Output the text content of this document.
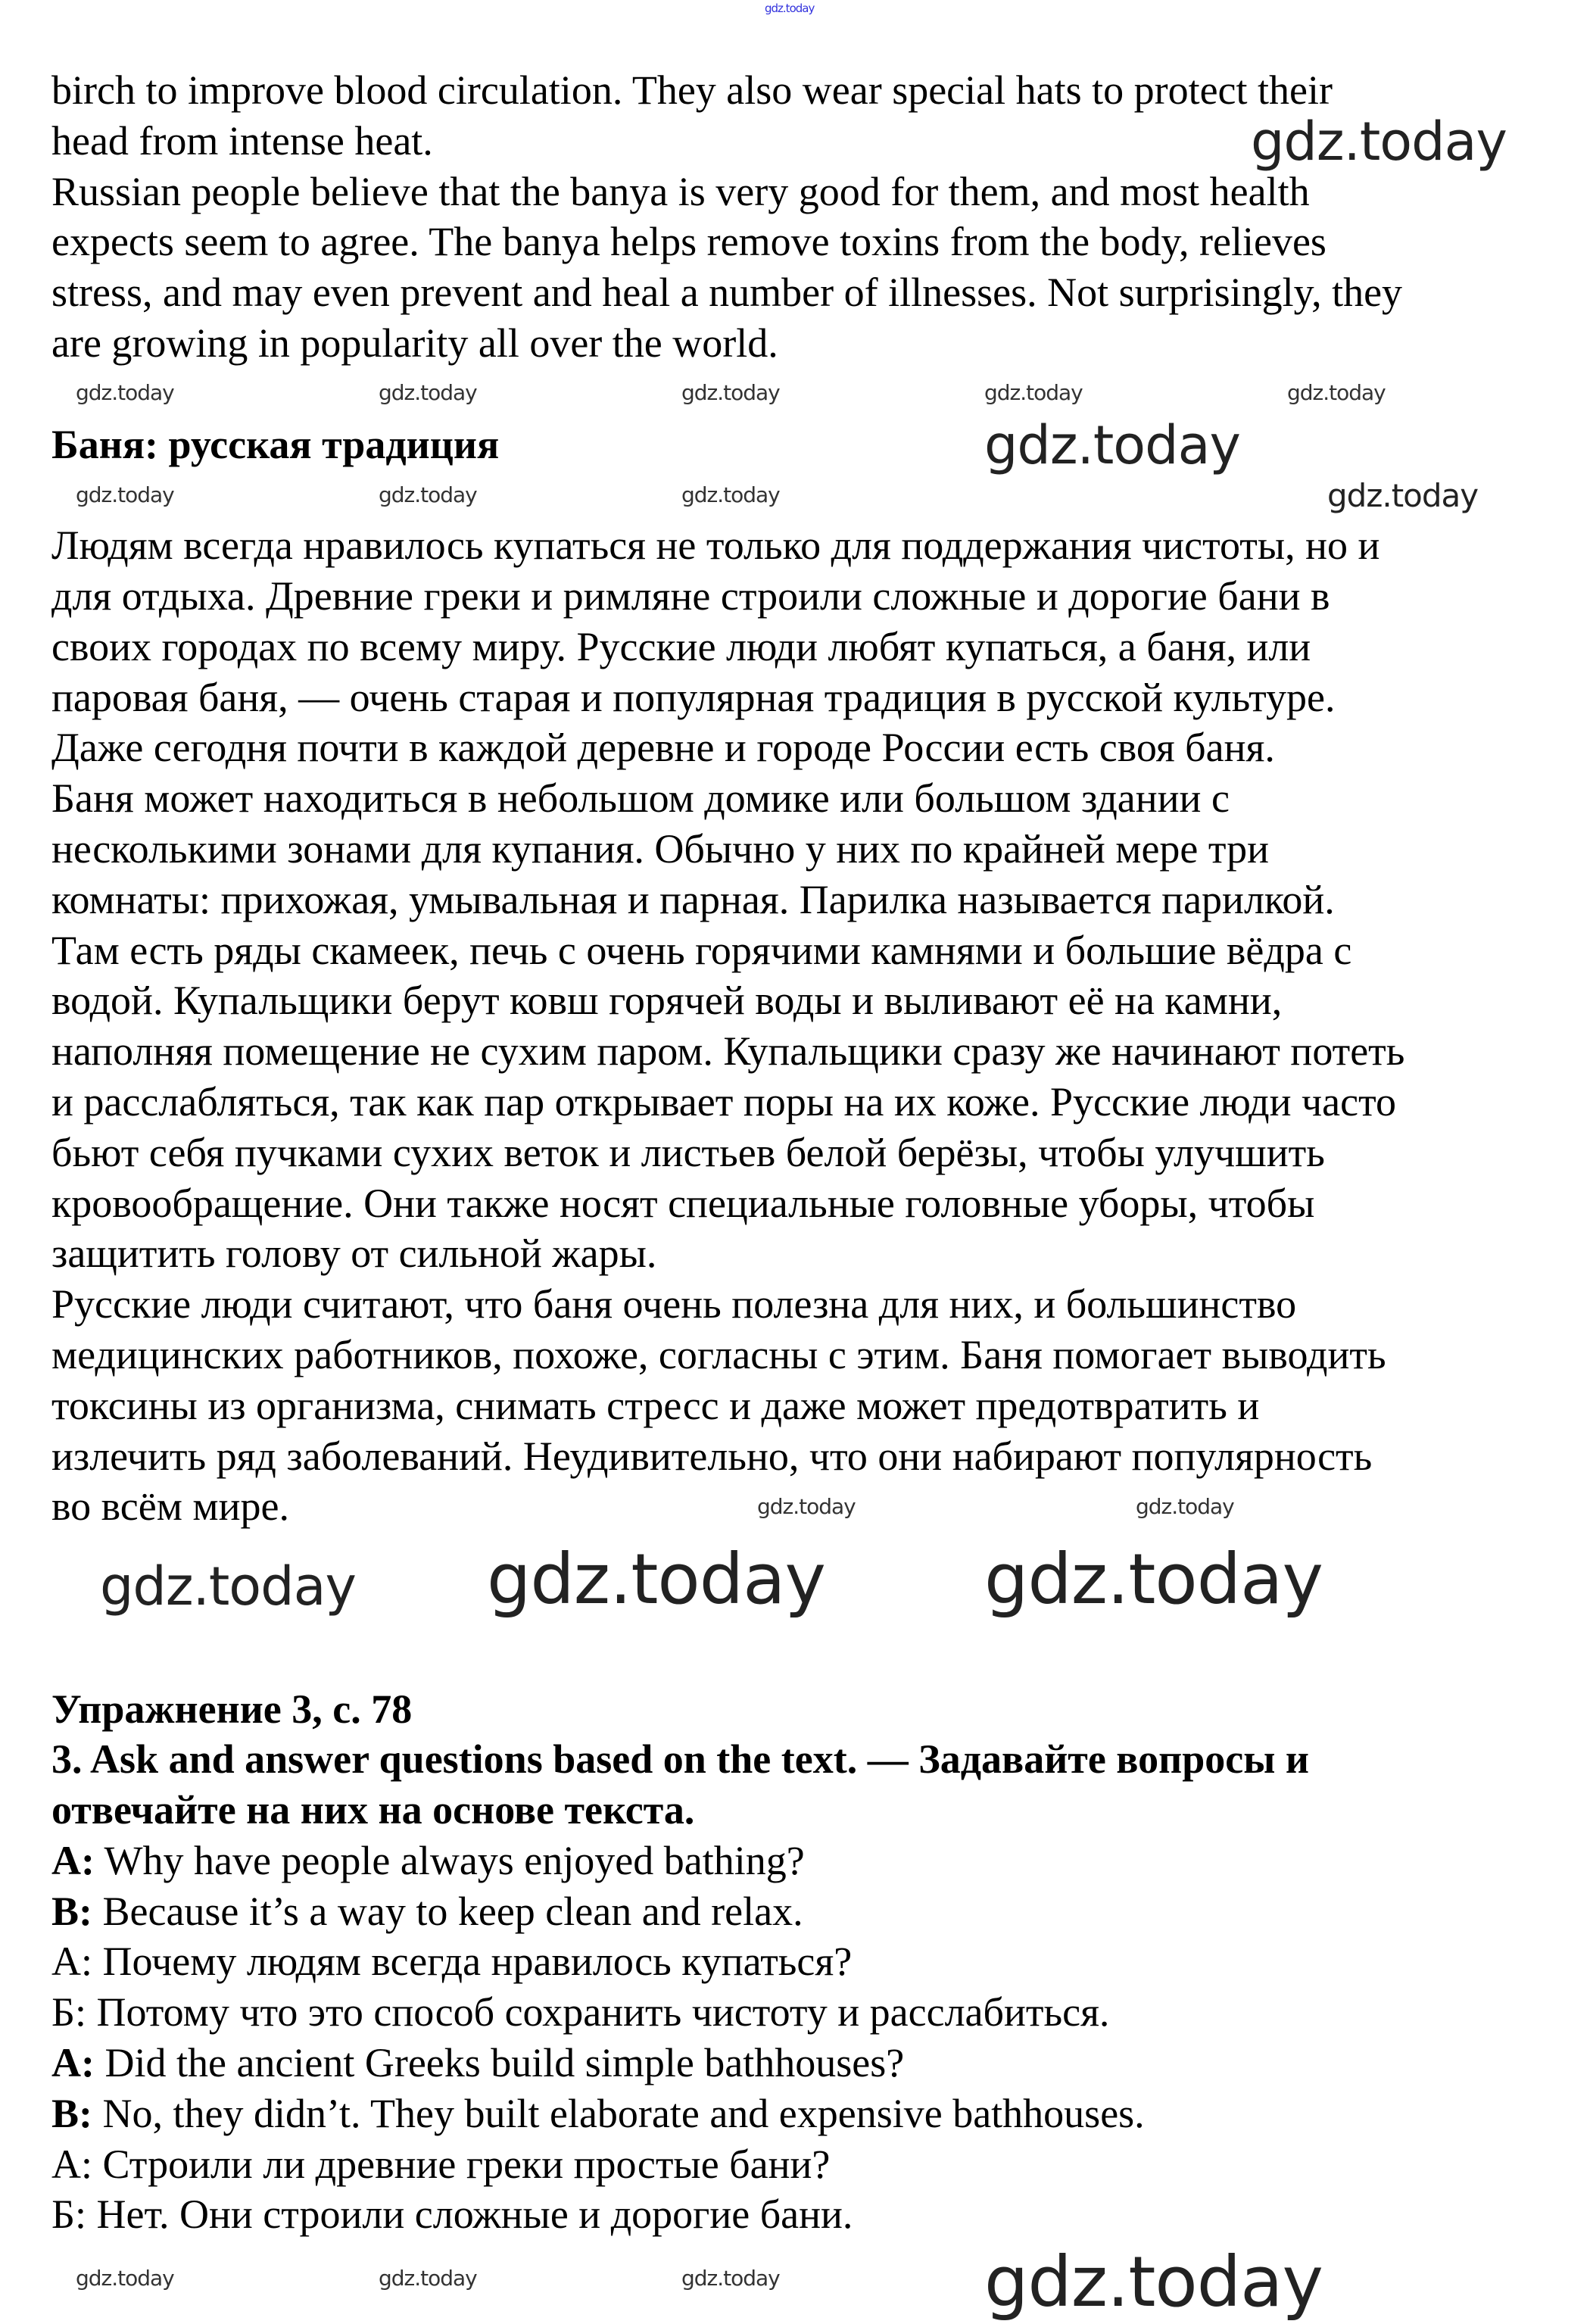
birch to improve blood circulation. They also wear special hats to protect their
head from intense heat.
Russian people believe that the banya is very good for them, and most health
expects seem to agree. The banya helps remove toxins from the body, relieves
stress, and may even prevent and heal a number of illnesses. Not surprisingly, they
are growing in popularity all over the world.
Баня: русская традиция
Людям всегда нравилось купаться не только для поддержания чистоты, но и
для отдыха. Древние греки и римляне строили сложные и дорогие бани в
своих городах по всему миру. Русские люди любят купаться, а баня, или
паровая баня, — очень старая и популярная традиция в русской культуре.
Даже сегодня почти в каждой деревне и городе России есть своя баня.
Баня может находиться в небольшом домике или большом здании с
несколькими зонами для купания. Обычно у них по крайней мере три
комнаты: прихожая, умывальная и парная. Парилка называется парилкой.
Там есть ряды скамеек, печь с очень горячими камнями и большие вёдра с
водой. Купальщики берут ковш горячей воды и выливают её на камни,
наполняя помещение не сухим паром. Купальщики сразу же начинают потеть
и расслабляться, так как пар открывает поры на их коже. Русские люди часто
бьют себя пучками сухих веток и листьев белой берёзы, чтобы улучшить
кровообращение. Они также носят специальные головные уборы, чтобы
защитить голову от сильной жары.
Русские люди считают, что баня очень полезна для них, и большинство
медицинских работников, похоже, согласны с этим. Баня помогает выводить
токсины из организма, снимать стресс и даже может предотвратить и
излечить ряд заболеваний. Неудивительно, что они набирают популярность
во всём мире.
Упражнение 3, с. 78
3. Ask and answer questions based on the text. — Задавайте вопросы и
отвечайте на них на основе текста.
A: Why have people always enjoyed bathing?
B: Because it’s a way to keep clean and relax.
А: Почему людям всегда нравилось купаться?
Б: Потому что это способ сохранить чистоту и расслабиться.
A: Did the ancient Greeks build simple bathhouses?
B: No, they didn’t. They built elaborate and expensive bathhouses.
А: Строили ли древние греки простые бани?
Б: Нет. Они строили сложные и дорогие бани.
gdz.today
gdz.today
gdz.today	gdz.today	gdz.today	gdz.today	gdz.today
gdz.today
gdz.today	gdz.today	gdz.today	gdz.today
gdz.today	gdz.today
gdz.today gdz.today
gdz.today
gdz.today	gdz.today	gdz.today	gdz.today
